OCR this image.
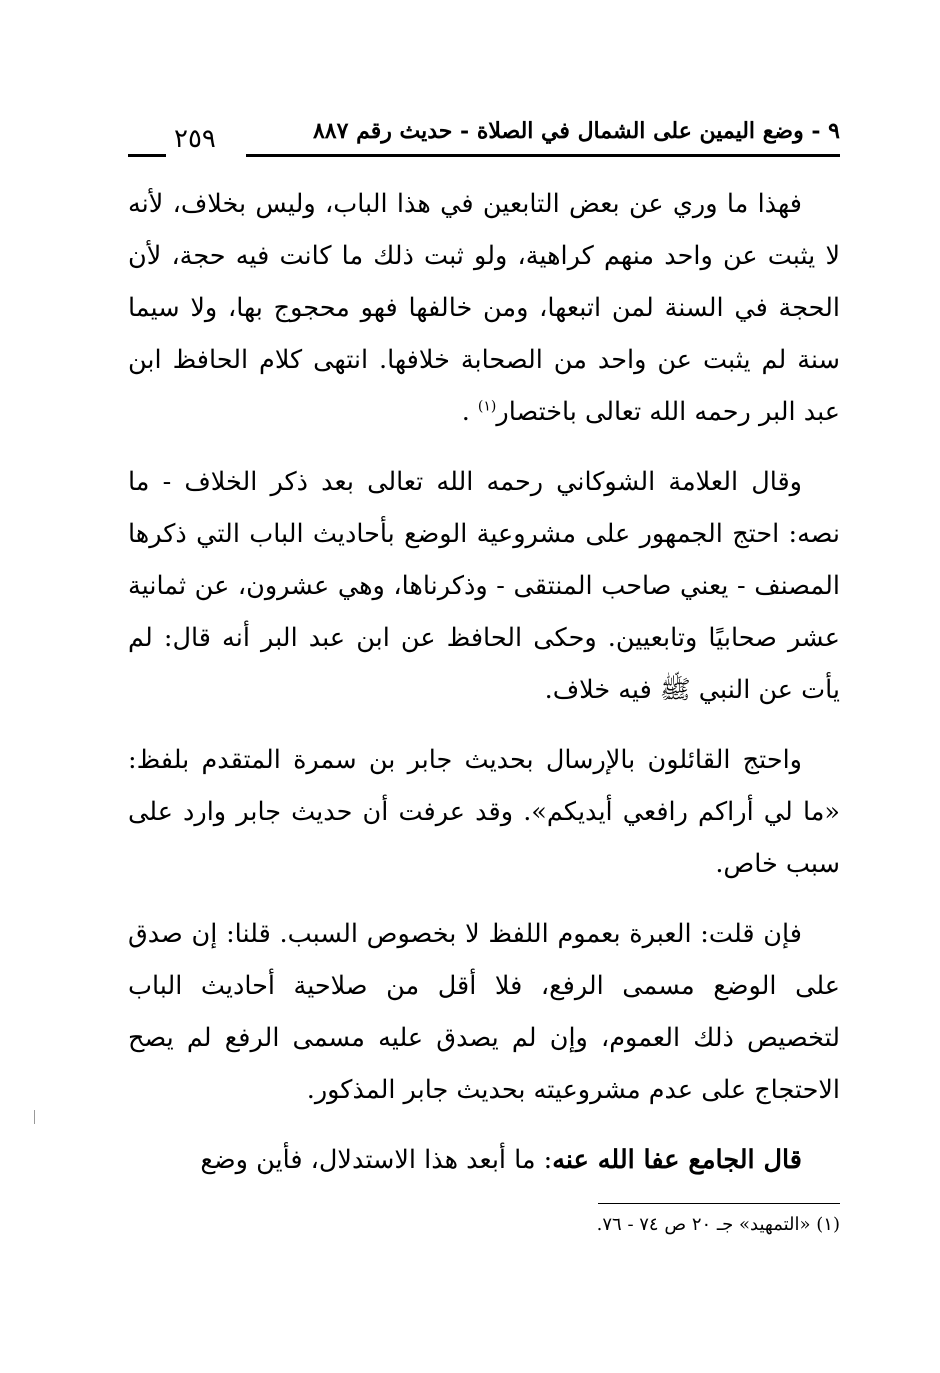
٩ - وضع اليمين على الشمال في الصلاة - حديث رقم ٨٨٧
٢٥٩

فهذا ما وري عن بعض التابعين في هذا الباب، وليس بخلاف، لأنه لا يثبت عن واحد منهم كراهية، ولو ثبت ذلك ما كانت فيه حجة، لأن الحجة في السنة لمن اتبعها، ومن خالفها فهو محجوج بها، ولا سيما سنة لم يثبت عن واحد من الصحابة خلافها. انتهى كلام الحافظ ابن عبد البر رحمه الله تعالى باختصار$^{(١)}$ .

وقال العلامة الشوكاني رحمه الله تعالى بعد ذكر الخلاف - ما نصه: احتج الجمهور على مشروعية الوضع بأحاديث الباب التي ذكرها المصنف - يعني صاحب المنتقى - وذكرناها، وهي عشرون، عن ثمانية عشر صحابيًا وتابعيين. وحكى الحافظ عن ابن عبد البر أنه قال: لم يأت عن النبي ﷺ فيه خلاف.

واحتج القائلون بالإرسال بحديث جابر بن سمرة المتقدم بلفظ: «ما لي أراكم رافعي أيديكم». وقد عرفت أن حديث جابر وارد على سبب خاص.

فإن قلت: العبرة بعموم اللفظ لا بخصوص السبب. قلنا: إن صدق على الوضع مسمى الرفع، فلا أقل من صلاحية أحاديث الباب لتخصيص ذلك العموم، وإن لم يصدق عليه مسمى الرفع لم يصح الاحتجاج على عدم مشروعيته بحديث جابر المذكور.

قال الجامع عفا الله عنه: ما أبعد هذا الاستدلال، فأين وضع

(١) «التمهيد» جـ ٢٠ ص ٧٤ - ٧٦.
